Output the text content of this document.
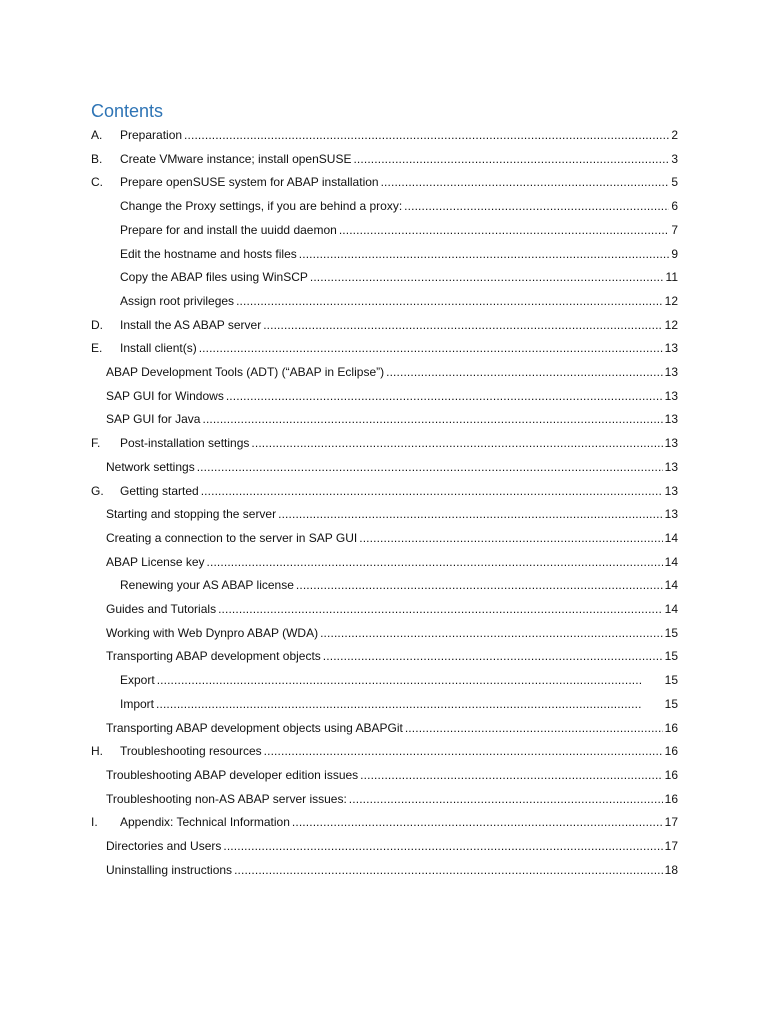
Contents
A.	Preparation . . .	2
B.	Create VMware instance; install openSUSE . . .	3
C.	Prepare openSUSE system for ABAP installation . . .	5
Change the Proxy settings, if you are behind a proxy: . . .	6
Prepare for and install the uuidd daemon . . .	7
Edit the hostname and hosts files . . .	9
Copy the ABAP files using WinSCP . . .	11
Assign root privileges . . .	12
D.	Install the AS ABAP server . . .	12
E.	Install client(s) . . .	13
ABAP Development Tools (ADT) (“ABAP in Eclipse”) . . .	13
SAP GUI for Windows . . .	13
SAP GUI for Java . . .	13
F.	Post-installation settings . . .	13
Network settings . . .	13
G.	Getting started . . .	13
Starting and stopping the server . . .	13
Creating a connection to the server in SAP GUI . . .	14
ABAP License key . . .	14
Renewing your AS ABAP license . . .	14
Guides and Tutorials . . .	14
Working with Web Dynpro ABAP (WDA) . . .	15
Transporting ABAP development objects . . .	15
Export . . .	15
Import . . .	15
Transporting ABAP development objects using ABAPGit . . .	16
H.	Troubleshooting resources . . .	16
Troubleshooting ABAP developer edition issues . . .	16
Troubleshooting non-AS ABAP server issues: . . .	16
I.	Appendix: Technical Information . . .	17
Directories and Users . . .	17
Uninstalling instructions . . .	18
